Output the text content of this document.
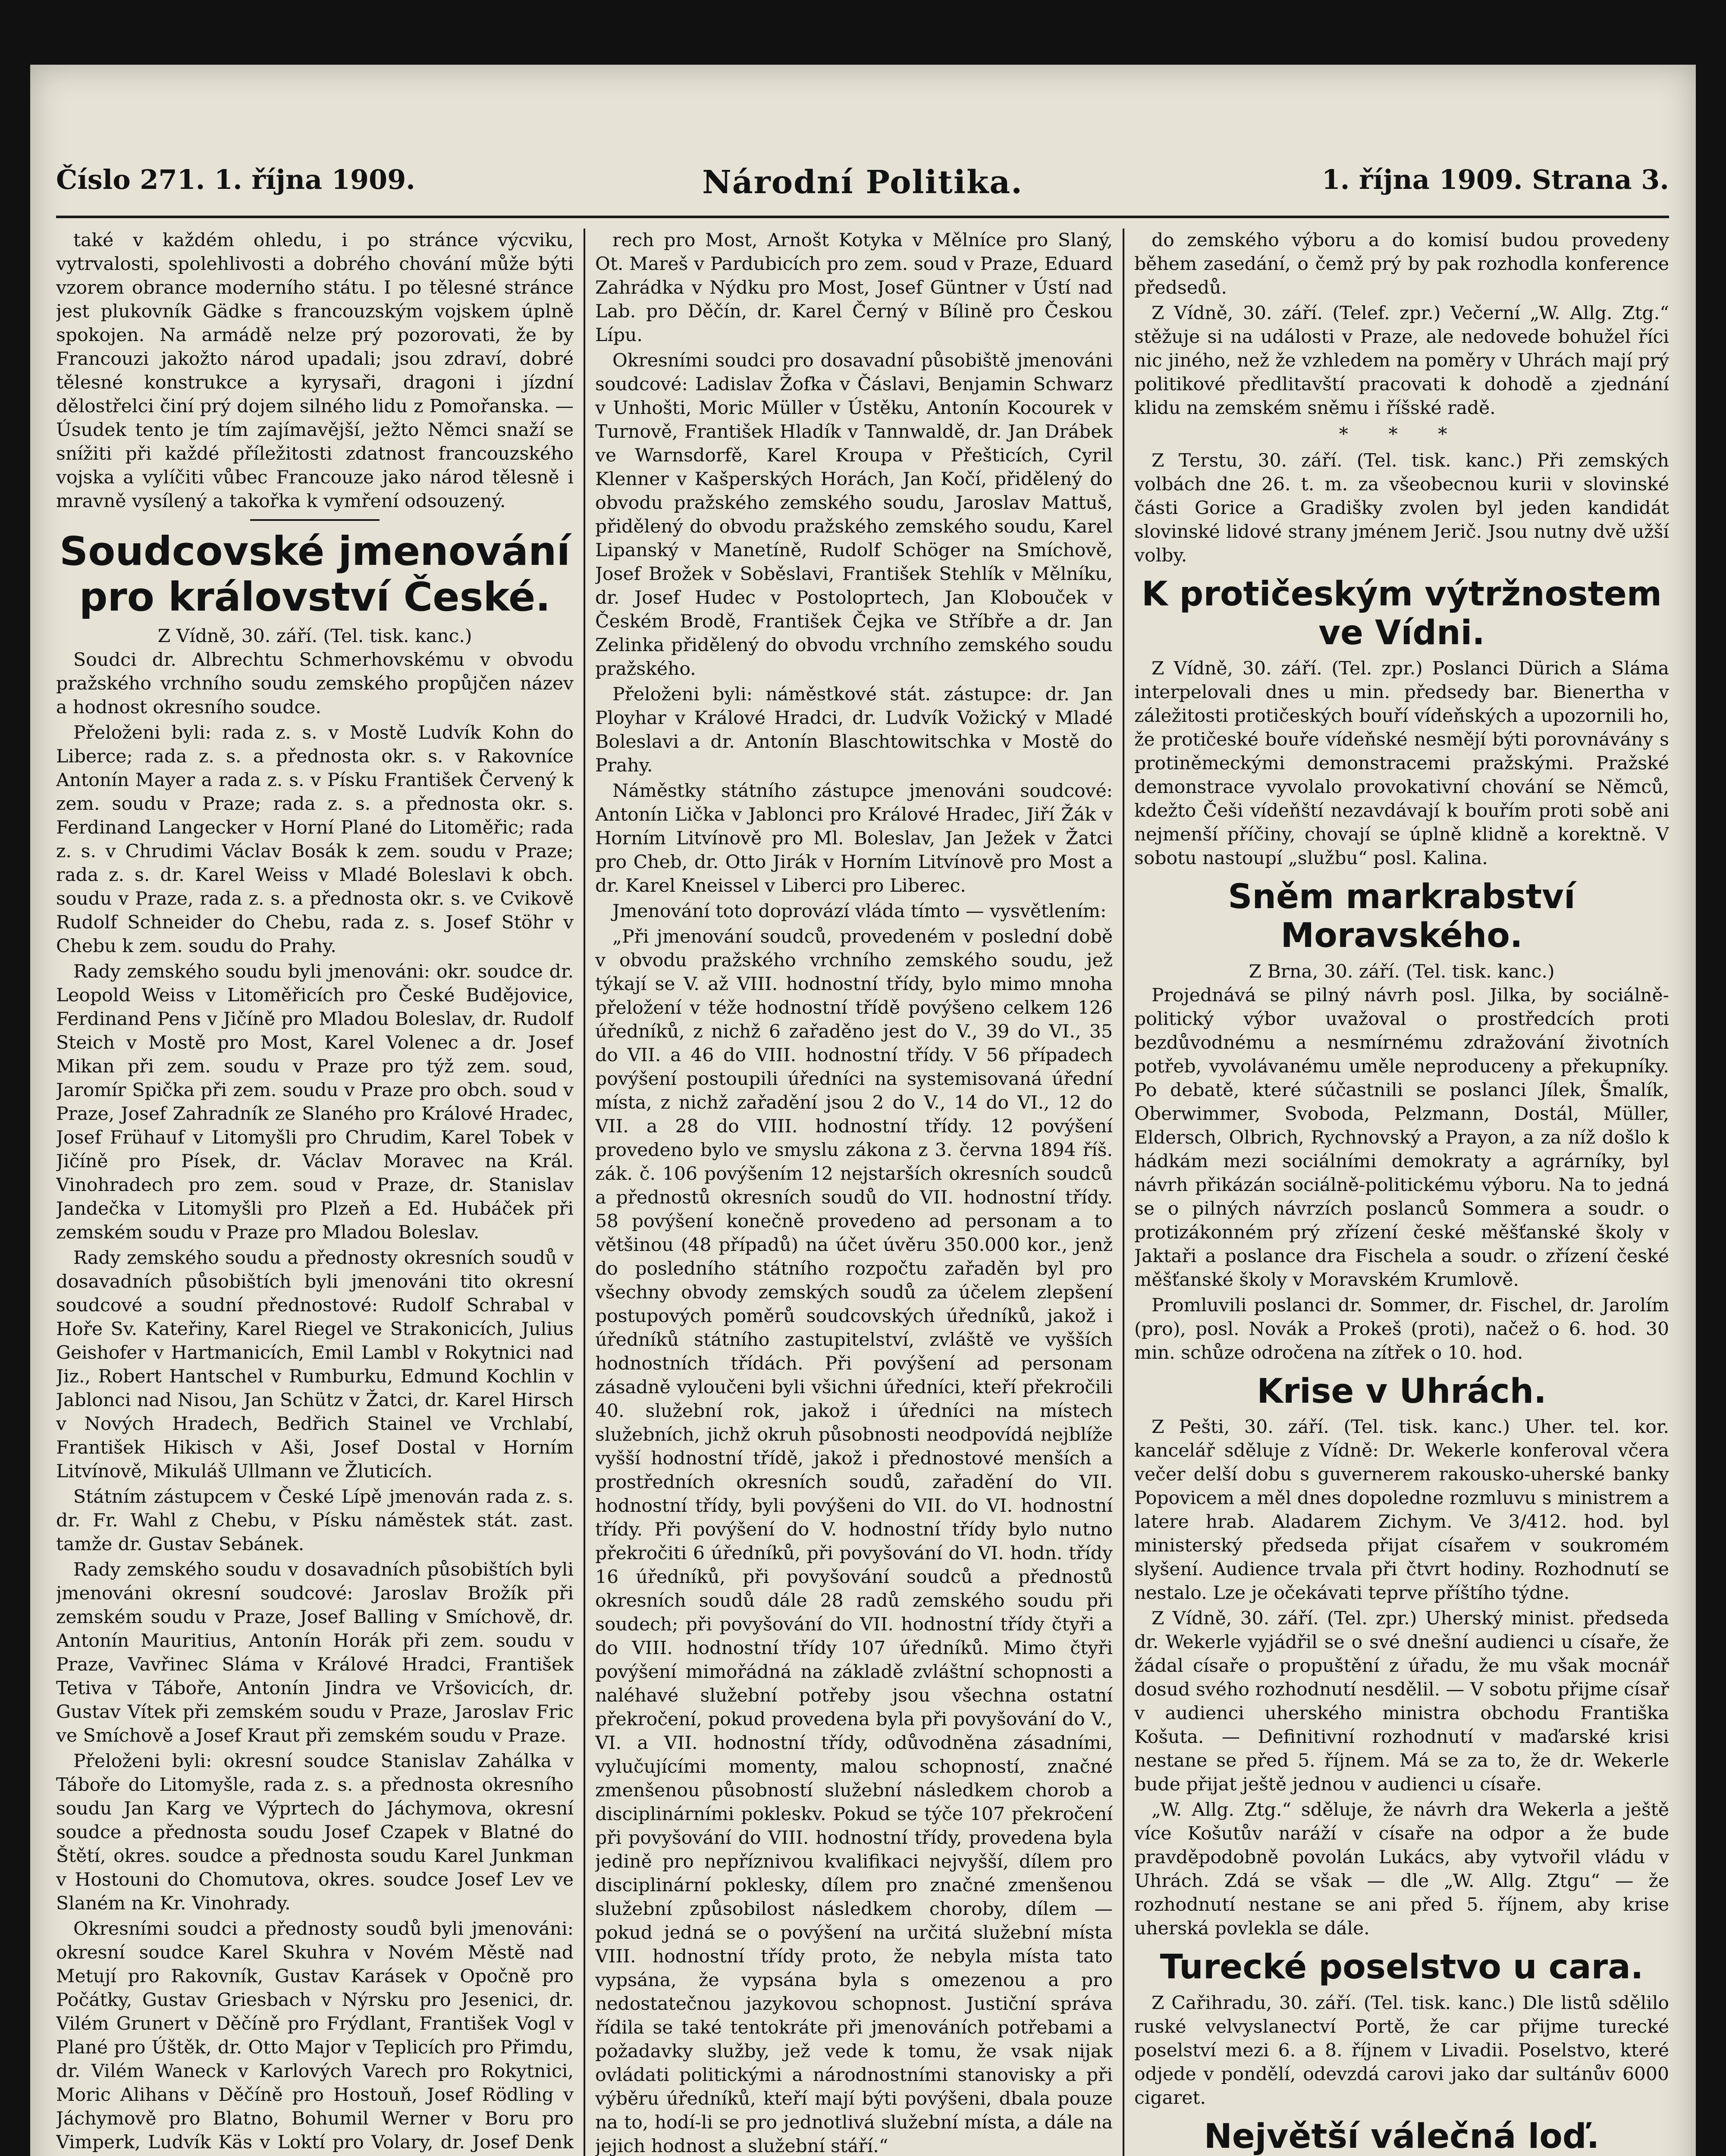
Číslo 271. 1. října 1909.	Národní Politika.	1. října 1909. Strana 3.

také v každém ohledu, i po stránce výcviku, vytrvalosti, spolehlivosti a dobrého chování může býti vzorem obrance moderního státu. I po tělesné stránce jest plukovník Gädke s francouzským vojskem úplně spokojen. Na armádě nelze prý pozorovati, že by Francouzi jakožto národ upadali; jsou zdraví, dobré tělesné konstrukce a kyrysaři, dragoni i jízdní dělostřelci činí prý dojem silného lidu z Pomořanska. — Úsudek tento je tím zajímavější, ježto Němci snaží se snížiti při každé příležitosti zdatnost francouzského vojska a vylíčiti vůbec Francouze jako národ tělesně i mravně vysílený a takořka k vymření odsouzený.

Soudcovské jmenování pro království České.

Z Vídně, 30. září. (Tel. tisk. kanc.)

Soudci dr. Albrechtu Schmerhovskému v obvodu pražského vrchního soudu zemského propůjčen název a hodnost okresního soudce.

Přeloženi byli: rada z. s. v Mostě Ludvík Kohn do Liberce; rada z. s. a přednosta okr. s. v Rakovníce Antonín Mayer a rada z. s. v Písku František Červený k zem. soudu v Praze; rada z. s. a přednosta okr. s. Ferdinand Langecker v Horní Plané do Litoměřic; rada z. s. v Chrudimi Václav Bosák k zem. soudu v Praze; rada z. s. dr. Karel Weiss v Mladé Boleslavi k obch. soudu v Praze, rada z. s. a přednosta okr. s. ve Cvikově Rudolf Schneider do Chebu, rada z. s. Josef Stöhr v Chebu k zem. soudu do Prahy.

Rady zemského soudu byli jmenováni: okr. soudce dr. Leopold Weiss v Litoměřicích pro České Budějovice, Ferdinand Pens v Jičíně pro Mladou Boleslav, dr. Rudolf Steich v Mostě pro Most, Karel Volenec a dr. Josef Mikan při zem. soudu v Praze pro týž zem. soud, Jaromír Spička při zem. soudu v Praze pro obch. soud v Praze, Josef Zahradník ze Slaného pro Králové Hradec, Josef Frühauf v Litomyšli pro Chrudim, Karel Tobek v Jičíně pro Písek, dr. Václav Moravec na Král. Vinohradech pro zem. soud v Praze, dr. Stanislav Jandečka v Litomyšli pro Plzeň a Ed. Hubáček při zemském soudu v Praze pro Mladou Boleslav.

Rady zemského soudu a přednosty okresních soudů v dosavadních působištích byli jmenováni tito okresní soudcové a soudní přednostové: Rudolf Schrabal v Hoře Sv. Kateřiny, Karel Riegel ve Strakonicích, Julius Geishofer v Hartmanicích, Emil Lambl v Rokytnici nad Jiz., Robert Hantschel v Rumburku, Edmund Kochlin v Jablonci nad Nisou, Jan Schütz v Žatci, dr. Karel Hirsch v Nových Hradech, Bedřich Stainel ve Vrchlabí, František Hikisch v Aši, Josef Dostal v Horním Litvínově, Mikuláš Ullmann ve Žluticích.

Státním zástupcem v České Lípě jmenován rada z. s. dr. Fr. Wahl z Chebu, v Písku náměstek stát. zast. tamže dr. Gustav Sebánek.

Rady zemského soudu v dosavadních působištích byli jmenováni okresní soudcové: Jaroslav Brožík při zemském soudu v Praze, Josef Balling v Smíchově, dr. Antonín Mauritius, Antonín Horák při zem. soudu v Praze, Vavřinec Sláma v Králové Hradci, František Tetiva v Táboře, Antonín Jindra ve Vršovicích, dr. Gustav Vítek při zemském soudu v Praze, Jaroslav Fric ve Smíchově a Josef Kraut při zemském soudu v Praze.

Přeloženi byli: okresní soudce Stanislav Zahálka v Táboře do Litomyšle, rada z. s. a přednosta okresního soudu Jan Karg ve Výprtech do Jáchymova, okresní soudce a přednosta soudu Josef Czapek v Blatné do Štětí, okres. soudce a přednosta soudu Karel Junkman v Hostouni do Chomutova, okres. soudce Josef Lev ve Slaném na Kr. Vinohrady.

Okresními soudci a přednosty soudů byli jmenováni: okresní soudce Karel Skuhra v Novém Městě nad Metují pro Rakovník, Gustav Karásek v Opočně pro Počátky, Gustav Griesbach v Nýrsku pro Jesenici, dr. Vilém Grunert v Děčíně pro Frýdlant, František Vogl v Plané pro Úštěk, dr. Otto Major v Teplicích pro Přimdu, dr. Vilém Waneck v Karlových Varech pro Rokytnici, Moric Alihans v Děčíně pro Hostouň, Josef Rödling v Jáchymově pro Blatno, Bohumil Werner v Boru pro Vimperk, Ludvík Käs v Loktí pro Volary, dr. Josef Denk

rech pro Most, Arnošt Kotyka v Mělníce pro Slaný, Ot. Mareš v Pardubicích pro zem. soud v Praze, Eduard Zahrádka v Nýdku pro Most, Josef Güntner v Ústí nad Lab. pro Děčín, dr. Karel Černý v Bílině pro Českou Lípu.

Okresními soudci pro dosavadní působiště jmenováni soudcové: Ladislav Žofka v Čáslavi, Benjamin Schwarz v Unhošti, Moric Müller v Ústěku, Antonín Kocourek v Turnově, František Hladík v Tannwaldě, dr. Jan Drábek ve Warnsdorfě, Karel Kroupa v Přešticích, Cyril Klenner v Kašperských Horách, Jan Kočí, přidělený do obvodu pražského zemského soudu, Jaroslav Mattuš, přidělený do obvodu pražského zemského soudu, Karel Lipanský v Manetíně, Rudolf Schöger na Smíchově, Josef Brožek v Soběslavi, František Stehlík v Mělníku, dr. Josef Hudec v Postoloprtech, Jan Klobouček v Českém Brodě, František Čejka ve Stříbře a dr. Jan Zelinka přidělený do obvodu vrchního zemského soudu pražského.

Přeloženi byli: náměstkové stát. zástupce: dr. Jan Ployhar v Králové Hradci, dr. Ludvík Vožický v Mladé Boleslavi a dr. Antonín Blaschtowitschka v Mostě do Prahy.

Náměstky státního zástupce jmenováni soudcové: Antonín Lička v Jablonci pro Králové Hradec, Jiří Žák v Horním Litvínově pro Ml. Boleslav, Jan Ježek v Žatci pro Cheb, dr. Otto Jirák v Horním Litvínově pro Most a dr. Karel Kneissel v Liberci pro Liberec.

Jmenování toto doprovází vláda tímto — vysvětlením:

„Při jmenování soudců, provedeném v poslední době v obvodu pražského vrchního zemského soudu, jež týkají se V. až VIII. hodnostní třídy, bylo mimo mnoha přeložení v téže hodnostní třídě povýšeno celkem 126 úředníků, z nichž 6 zařaděno jest do V., 39 do VI., 35 do VII. a 46 do VIII. hodnostní třídy. V 56 případech povýšení postoupili úředníci na systemisovaná úřední místa, z nichž zařadění jsou 2 do V., 14 do VI., 12 do VII. a 28 do VIII. hodnostní třídy. 12 povýšení provedeno bylo ve smyslu zákona z 3. června 1894 říš. zák. č. 106 povýšením 12 nejstarších okresních soudců a přednostů okresních soudů do VII. hodnostní třídy. 58 povýšení konečně provedeno ad personam a to většinou (48 případů) na účet úvěru 350.000 kor., jenž do posledního státního rozpočtu zařaděn byl pro všechny obvody zemských soudů za účelem zlepšení postupových poměrů soudcovských úředníků, jakož i úředníků státního zastupitelství, zvláště ve vyšších hodnostních třídách. Při povýšení ad personam zásadně vyloučeni byli všichni úředníci, kteří překročili 40. služební rok, jakož i úředníci na místech služebních, jichž okruh působnosti neodpovídá nejblíže vyšší hodnostní třídě, jakož i přednostové menších a prostředních okresních soudů, zařadění do VII. hodnostní třídy, byli povýšeni do VII. do VI. hodnostní třídy. Při povýšení do V. hodnostní třídy bylo nutno překročiti 6 úředníků, při povyšování do VI. hodn. třídy 16 úředníků, při povyšování soudců a přednostů okresních soudů dále 28 radů zemského soudu při soudech; při povyšování do VII. hodnostní třídy čtyři a do VIII. hodnostní třídy 107 úředníků. Mimo čtyři povýšení mimořádná na základě zvláštní schopnosti a naléhavé služební potřeby jsou všechna ostatní překročení, pokud provedena byla při povyšování do V., VI. a VII. hodnostní třídy, odůvodněna zásadními, vylučujícími momenty, malou schopností, značné zmenšenou působností služební následkem chorob a disciplinárními pokleskv. Pokud se týče 107 překročení při povyšování do VIII. hodnostní třídy, provedena byla jedině pro nepříznivou kvalifikaci nejvyšší, dílem pro disciplinární poklesky, dílem pro značné zmenšenou služební způsobilost následkem choroby, dílem — pokud jedná se o povýšení na určitá služební místa VIII. hodnostní třídy proto, že nebyla místa tato vypsána, že vypsána byla s omezenou a pro nedostatečnou jazykovou schopnost. Justiční správa řídila se také tentokráte při jmenováních potřebami a požadavky služby, jež vede k tomu, že vsak nijak ovládati politickými a národnostními stanovisky a při výběru úředníků, kteří mají býti povýšeni, dbala pouze na to, hodí-li se pro jednotlivá služební místa, a dále na jejich hodnost a služební stáří.“

do zemského výboru a do komisí budou provedeny během zasedání, o čemž prý by pak rozhodla konference předsedů.

Z Vídně, 30. září. (Telef. zpr.) Večerní „W. Allg. Ztg.“ stěžuje si na události v Praze, ale nedovede bohužel říci nic jiného, než že vzhledem na poměry v Uhrách mají prý politikové předlitavští pracovati k dohodě a zjednání klidu na zemském sněmu i říšské radě.

* * *

Z Terstu, 30. září. (Tel. tisk. kanc.) Při zemských volbách dne 26. t. m. za všeobecnou kurii v slovinské části Gorice a Gradišky zvolen byl jeden kandidát slovinské lidové strany jménem Jerič. Jsou nutny dvě užší volby.

K protičeským výtržnostem ve Vídni.

Z Vídně, 30. září. (Tel. zpr.) Poslanci Dürich a Sláma interpelovali dnes u min. předsedy bar. Bienertha v záležitosti protičeských bouří vídeňských a upozornili ho, že protičeské bouře vídeňské nesmějí býti porovnávány s protiněmeckými demonstracemi pražskými. Pražské demonstrace vyvolalo provokativní chování se Němců, kdežto Češi vídeňští nezavdávají k bouřím proti sobě ani nejmenší příčiny, chovají se úplně klidně a korektně. V sobotu nastoupí „službu“ posl. Kalina.

Sněm markrabství Moravského.

Z Brna, 30. září. (Tel. tisk. kanc.)

Projednává se pilný návrh posl. Jilka, by sociálně-politický výbor uvažoval o prostředcích proti bezdůvodnému a nesmírnému zdražování životních potřeb, vyvolávanému uměle neproduceny a překupníky. Po debatě, které súčastnili se poslanci Jílek, Šmalík, Oberwimmer, Svoboda, Pelzmann, Dostál, Müller, Eldersch, Olbrich, Rychnovský a Prayon, a za níž došlo k hádkám mezi sociálními demokraty a agrárníky, byl návrh přikázán sociálně-politickému výboru. Na to jedná se o pilných návrzích poslanců Sommera a soudr. o protizákonném prý zřízení české měšťanské školy v Jaktaři a poslance dra Fischela a soudr. o zřízení české měšťanské školy v Moravském Krumlově.

Promluvili poslanci dr. Sommer, dr. Fischel, dr. Jarolím (pro), posl. Novák a Prokeš (proti), načež o 6. hod. 30 min. schůze odročena na zítřek o 10. hod.

Krise v Uhrách.

Z Pešti, 30. září. (Tel. tisk. kanc.) Uher. tel. kor. kancelář sděluje z Vídně: Dr. Wekerle konferoval včera večer delší dobu s guvernerem rakousko-uherské banky Popovicem a měl dnes dopoledne rozmluvu s ministrem a latere hrab. Aladarem Zichym. Ve 3/412. hod. byl ministerský předseda přijat císařem v soukromém slyšení. Audience trvala při čtvrt hodiny. Rozhodnutí se nestalo. Lze je očekávati teprve příštího týdne.

Z Vídně, 30. září. (Tel. zpr.) Uherský minist. předseda dr. Wekerle vyjádřil se o své dnešní audienci u císaře, že žádal císaře o propuštění z úřadu, že mu však mocnář dosud svého rozhodnutí nesdělil. — V sobotu přijme císař v audienci uherského ministra obchodu Františka Košuta. — Definitivní rozhodnutí v maďarské krisi nestane se před 5. říjnem. Má se za to, že dr. Wekerle bude přijat ještě jednou v audienci u císaře.

„W. Allg. Ztg.“ sděluje, že návrh dra Wekerla a ještě více Košutův naráží v císaře na odpor a že bude pravděpodobně povolán Lukács, aby vytvořil vládu v Uhrách. Zdá se však — dle „W. Allg. Ztgu“ — že rozhodnutí nestane se ani před 5. říjnem, aby krise uherská povlekla se dále.

Turecké poselstvo u cara.

Z Cařihradu, 30. září. (Tel. tisk. kanc.) Dle listů sdělilo ruské velvyslanectví Portě, že car přijme turecké poselství mezi 6. a 8. říjnem v Livadii. Poselstvo, které odjede v pondělí, odevzdá carovi jako dar sultánův 6000 cigaret.

Největší válečná loď.
